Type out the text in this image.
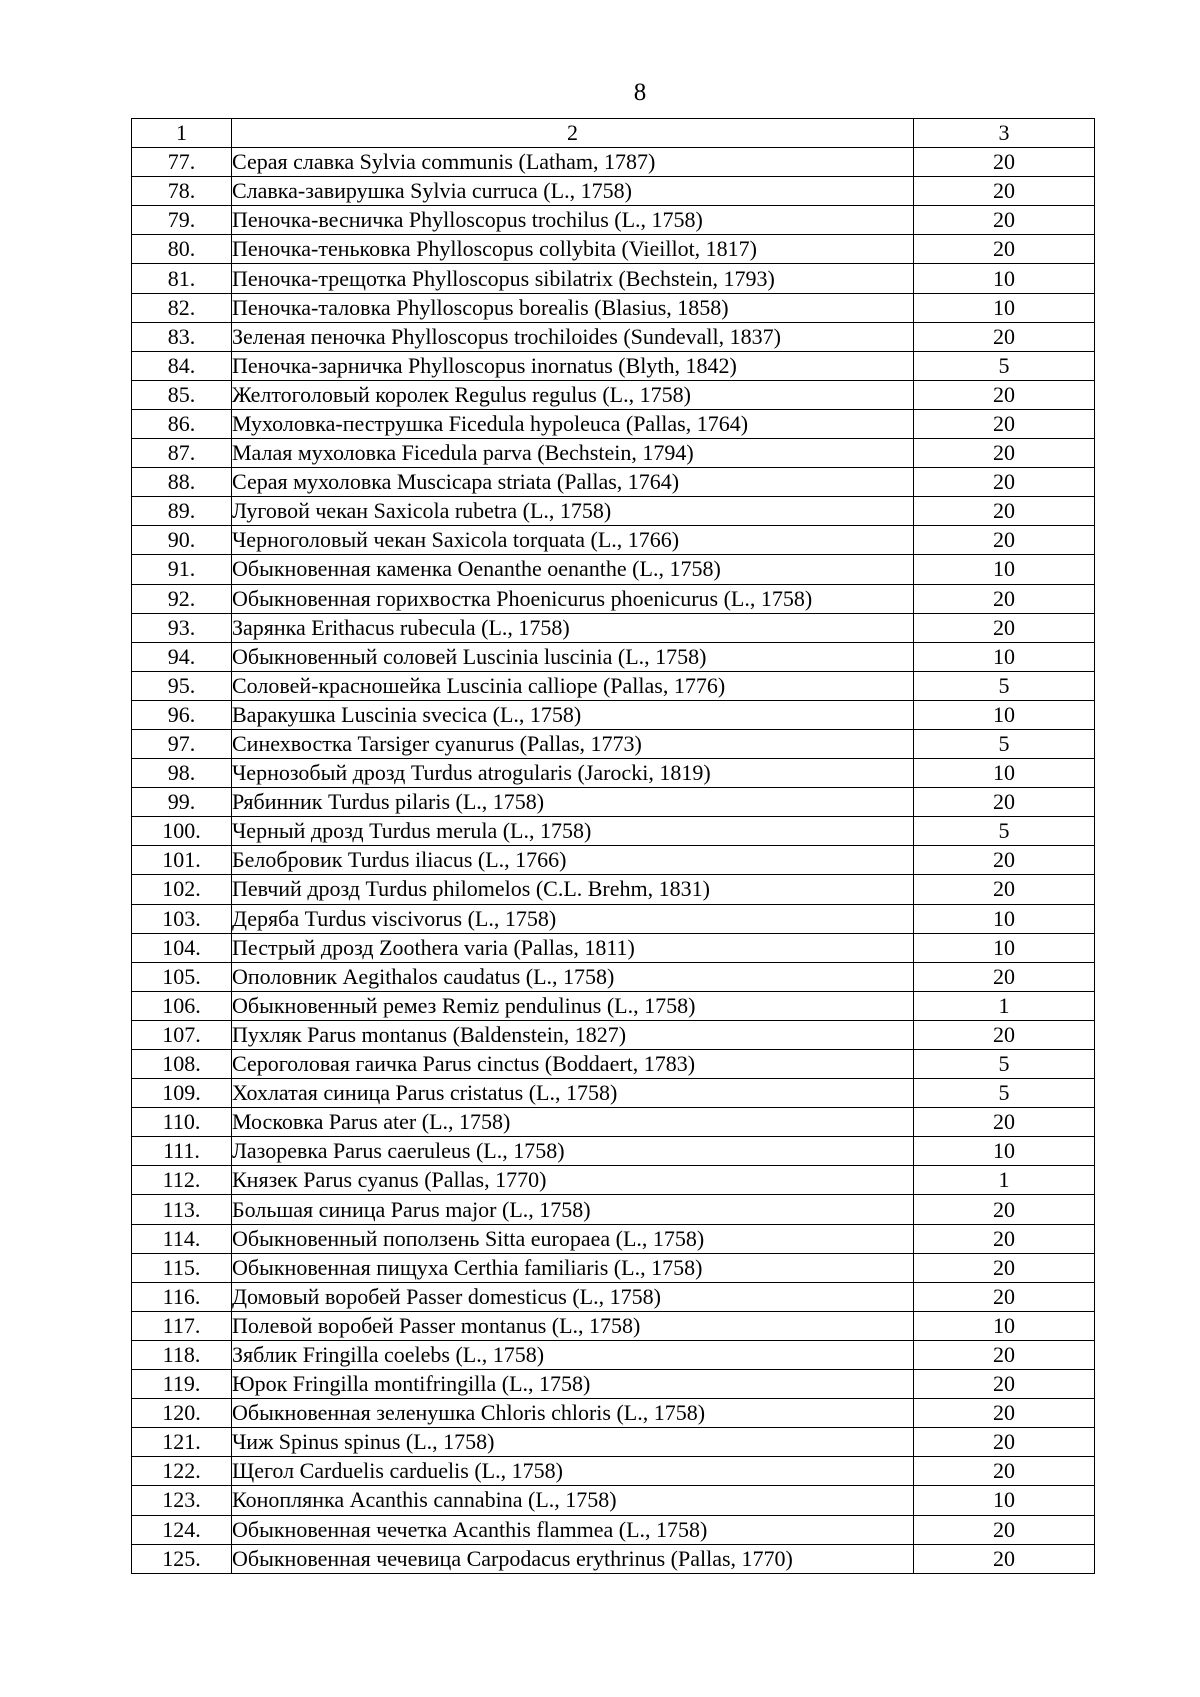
8
1	2	3
77.	Серая славка Sylvia communis (Latham, 1787)	20
78.	Славка-завирушка Sylvia curruca (L., 1758)	20
79.	Пеночка-весничка Phylloscopus trochilus (L., 1758)	20
80.	Пеночка-теньковка Phylloscopus collybita (Vieillot, 1817)	20
81.	Пеночка-трещотка Phylloscopus sibilatrix (Bechstein, 1793)	10
82.	Пеночка-таловка Phylloscopus borealis (Blasius, 1858)	10
83.	Зеленая пеночка Phylloscopus trochiloides (Sundevall, 1837)	20
84.	Пеночка-зарничка Phylloscopus inornatus (Blyth, 1842)	5
85.	Желтоголовый королек Regulus regulus (L., 1758)	20
86.	Мухоловка-пеструшка Ficedula hypoleuca (Pallas, 1764)	20
87.	Малая мухоловка Ficedula parva (Bechstein, 1794)	20
88.	Серая мухоловка Muscicapa striata (Pallas, 1764)	20
89.	Луговой чекан Saxicola rubetra (L., 1758)	20
90.	Черноголовый чекан Saxicola torquata (L., 1766)	20
91.	Обыкновенная каменка Oenanthe oenanthe (L., 1758)	10
92.	Обыкновенная горихвостка Phoenicurus phoenicurus (L., 1758)	20
93.	Зарянка Erithacus rubecula (L., 1758)	20
94.	Обыкновенный соловей Luscinia luscinia (L., 1758)	10
95.	Соловей-красношейка Luscinia calliope (Pallas, 1776)	5
96.	Варакушка Luscinia svecica (L., 1758)	10
97.	Синехвостка Tarsiger cyanurus (Pallas, 1773)	5
98.	Чернозобый дрозд Turdus atrogularis (Jarocki, 1819)	10
99.	Рябинник Turdus pilaris (L., 1758)	20
100.	Черный дрозд Turdus merula (L., 1758)	5
101.	Белобровик Turdus iliacus (L., 1766)	20
102.	Певчий дрозд Turdus philomelos (C.L. Brehm, 1831)	20
103.	Деряба Turdus viscivorus (L., 1758)	10
104.	Пестрый дрозд Zoothera varia (Pallas, 1811)	10
105.	Ополовник Aegithalos caudatus (L., 1758)	20
106.	Обыкновенный ремез Remiz pendulinus (L., 1758)	1
107.	Пухляк Parus montanus (Baldenstein, 1827)	20
108.	Сероголовая гаичка Parus cinctus (Boddaert, 1783)	5
109.	Хохлатая синица Parus cristatus (L., 1758)	5
110.	Московка Parus ater (L., 1758)	20
111.	Лазоревка Parus caeruleus (L., 1758)	10
112.	Князек Parus cyanus (Pallas, 1770)	1
113.	Большая синица Parus major (L., 1758)	20
114.	Обыкновенный поползень Sitta europaea (L., 1758)	20
115.	Обыкновенная пищуха Certhia familiaris (L., 1758)	20
116.	Домовый воробей Passer domesticus (L., 1758)	20
117.	Полевой воробей Passer montanus (L., 1758)	10
118.	Зяблик Fringilla coelebs (L., 1758)	20
119.	Юрок Fringilla montifringilla (L., 1758)	20
120.	Обыкновенная зеленушка Chloris chloris (L., 1758)	20
121.	Чиж Spinus spinus (L., 1758)	20
122.	Щегол Carduelis carduelis (L., 1758)	20
123.	Коноплянка Acanthis cannabina (L., 1758)	10
124.	Обыкновенная чечетка Acanthis flammea (L., 1758)	20
125.	Обыкновенная чечевица Carpodacus erythrinus (Pallas, 1770)	20
